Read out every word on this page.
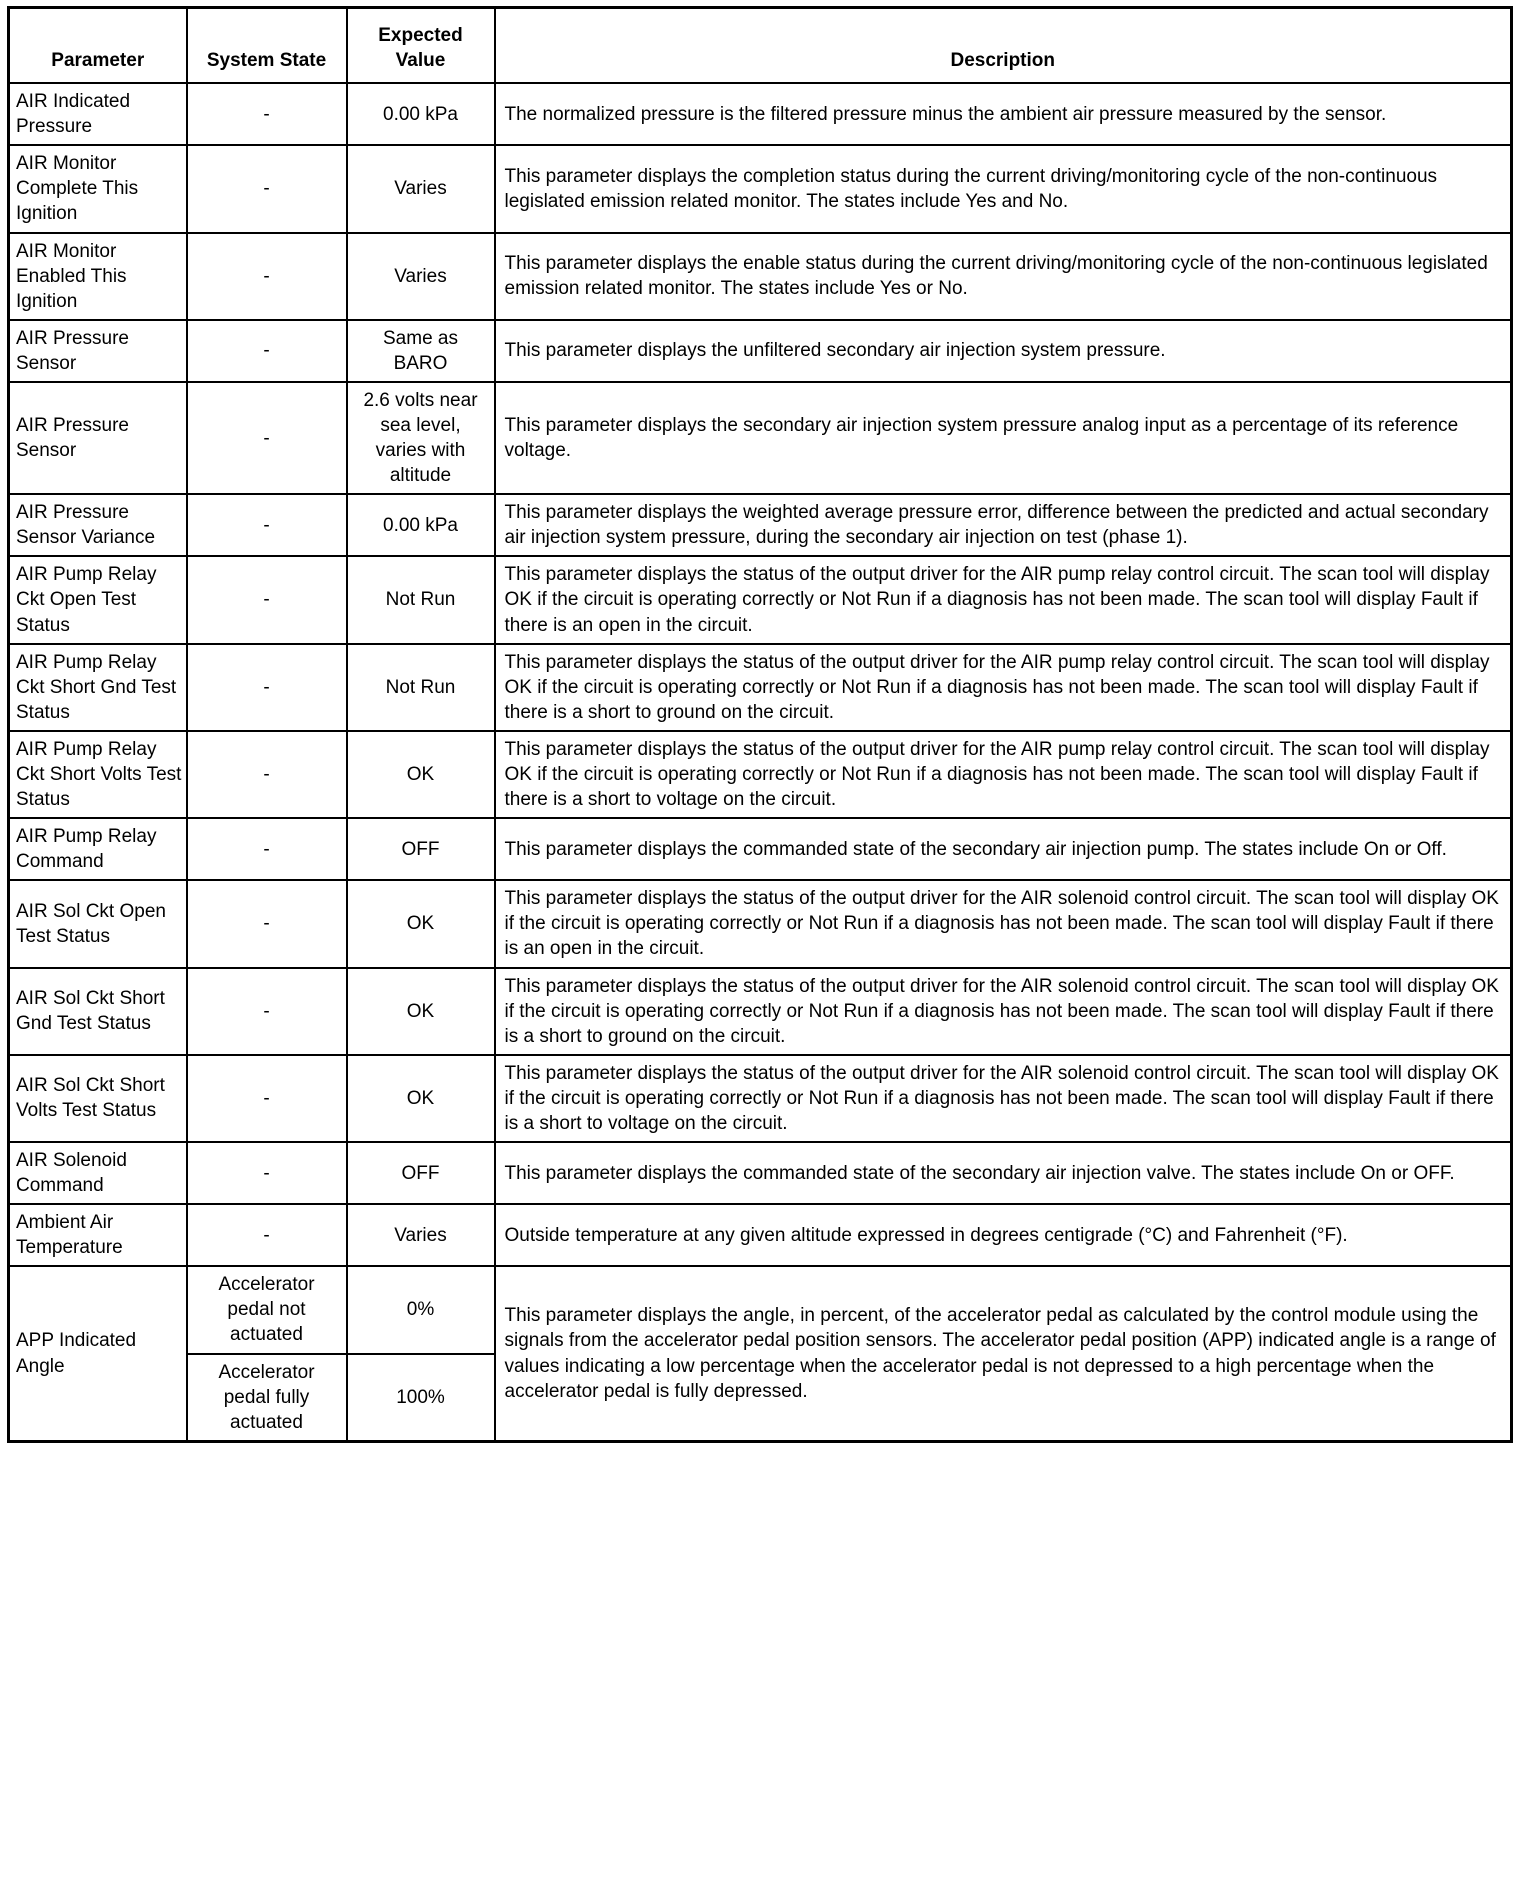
Parameter	System State	Expected Value	Description
AIR Indicated Pressure	-	0.00 kPa	The normalized pressure is the filtered pressure minus the ambient air pressure measured by the sensor.
AIR Monitor Complete This Ignition	-	Varies	This parameter displays the completion status during the current driving/monitoring cycle of the non-continuous legislated emission related monitor. The states include Yes and No.
AIR Monitor Enabled This Ignition	-	Varies	This parameter displays the enable status during the current driving/monitoring cycle of the non-continuous legislated emission related monitor. The states include Yes or No.
AIR Pressure Sensor	-	Same as BARO	This parameter displays the unfiltered secondary air injection system pressure.
AIR Pressure Sensor	-	2.6 volts near sea level, varies with altitude	This parameter displays the secondary air injection system pressure analog input as a percentage of its reference voltage.
AIR Pressure Sensor Variance	-	0.00 kPa	This parameter displays the weighted average pressure error, difference between the predicted and actual secondary air injection system pressure, during the secondary air injection on test (phase 1).
AIR Pump Relay Ckt Open Test Status	-	Not Run	This parameter displays the status of the output driver for the AIR pump relay control circuit. The scan tool will display OK if the circuit is operating correctly or Not Run if a diagnosis has not been made. The scan tool will display Fault if there is an open in the circuit.
AIR Pump Relay Ckt Short Gnd Test Status	-	Not Run	This parameter displays the status of the output driver for the AIR pump relay control circuit. The scan tool will display OK if the circuit is operating correctly or Not Run if a diagnosis has not been made. The scan tool will display Fault if there is a short to ground on the circuit.
AIR Pump Relay Ckt Short Volts Test Status	-	OK	This parameter displays the status of the output driver for the AIR pump relay control circuit. The scan tool will display OK if the circuit is operating correctly or Not Run if a diagnosis has not been made. The scan tool will display Fault if there is a short to voltage on the circuit.
AIR Pump Relay Command	-	OFF	This parameter displays the commanded state of the secondary air injection pump. The states include On or Off.
AIR Sol Ckt Open Test Status	-	OK	This parameter displays the status of the output driver for the AIR solenoid control circuit. The scan tool will display OK if the circuit is operating correctly or Not Run if a diagnosis has not been made. The scan tool will display Fault if there is an open in the circuit.
AIR Sol Ckt Short Gnd Test Status	-	OK	This parameter displays the status of the output driver for the AIR solenoid control circuit. The scan tool will display OK if the circuit is operating correctly or Not Run if a diagnosis has not been made. The scan tool will display Fault if there is a short to ground on the circuit.
AIR Sol Ckt Short Volts Test Status	-	OK	This parameter displays the status of the output driver for the AIR solenoid control circuit. The scan tool will display OK if the circuit is operating correctly or Not Run if a diagnosis has not been made. The scan tool will display Fault if there is a short to voltage on the circuit.
AIR Solenoid Command	-	OFF	This parameter displays the commanded state of the secondary air injection valve. The states include On or OFF.
Ambient Air Temperature	-	Varies	Outside temperature at any given altitude expressed in degrees centigrade (°C) and Fahrenheit (°F).
APP Indicated Angle	Accelerator pedal not actuated	0%	This parameter displays the angle, in percent, of the accelerator pedal as calculated by the control module using the signals from the accelerator pedal position sensors. The accelerator pedal position (APP) indicated angle is a range of values indicating a low percentage when the accelerator pedal is not depressed to a high percentage when the accelerator pedal is fully depressed.
	Accelerator pedal fully actuated	100%	
